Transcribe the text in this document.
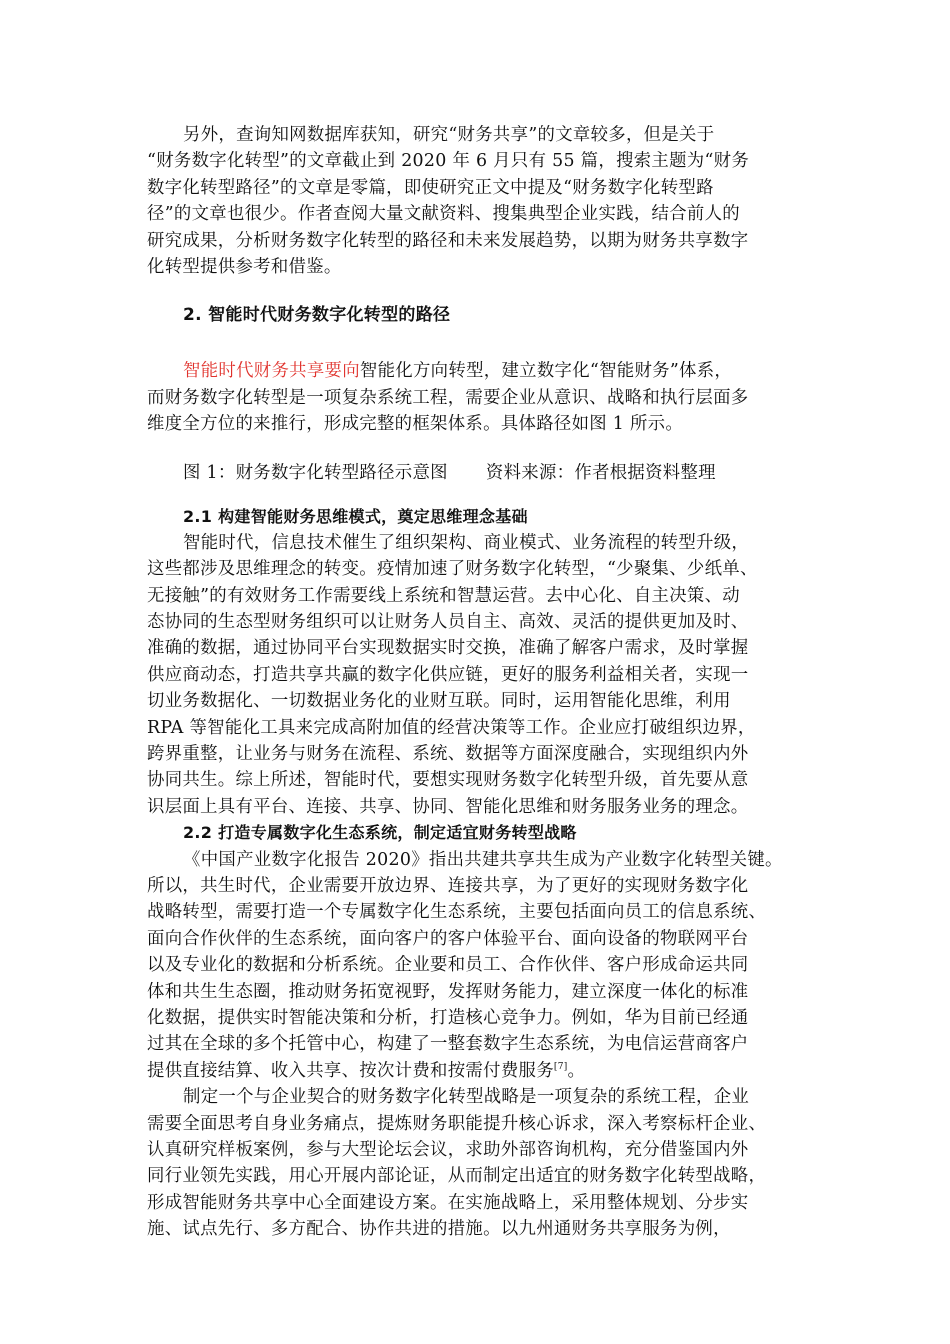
另外，查询知网数据库获知，研究“财务共享”的文章较多，但是关于
“财务数字化转型”的文章截止到 2020 年 6 月只有 55 篇，搜索主题为“财务
数字化转型路径”的文章是零篇，即使研究正文中提及“财务数字化转型路
径”的文章也很少。作者查阅大量文献资料、搜集典型企业实践，结合前人的
研究成果，分析财务数字化转型的路径和未来发展趋势，以期为财务共享数字
化转型提供参考和借鉴。
2. 智能时代财务数字化转型的路径
智能时代财务共享要向智能化方向转型，建立数字化“智能财务”体系，
而财务数字化转型是一项复杂系统工程，需要企业从意识、战略和执行层面多
维度全方位的来推行，形成完整的框架体系。具体路径如图 1 所示。
图 1：财务数字化转型路径示意图 资料来源：作者根据资料整理
2.1 构建智能财务思维模式，奠定思维理念基础
智能时代，信息技术催生了组织架构、商业模式、业务流程的转型升级，
这些都涉及思维理念的转变。疫情加速了财务数字化转型，“少聚集、少纸单、
无接触”的有效财务工作需要线上系统和智慧运营。去中心化、自主决策、动
态协同的生态型财务组织可以让财务人员自主、高效、灵活的提供更加及时、
准确的数据，通过协同平台实现数据实时交换，准确了解客户需求，及时掌握
供应商动态，打造共享共赢的数字化供应链，更好的服务利益相关者，实现一
切业务数据化、一切数据业务化的业财互联。同时，运用智能化思维，利用
RPA 等智能化工具来完成高附加值的经营决策等工作。企业应打破组织边界，
跨界重整，让业务与财务在流程、系统、数据等方面深度融合，实现组织内外
协同共生。综上所述，智能时代，要想实现财务数字化转型升级，首先要从意
识层面上具有平台、连接、共享、协同、智能化思维和财务服务业务的理念。
2.2 打造专属数字化生态系统，制定适宜财务转型战略
《中国产业数字化报告 2020》指出共建共享共生成为产业数字化转型关键。
所以，共生时代，企业需要开放边界、连接共享，为了更好的实现财务数字化
战略转型，需要打造一个专属数字化生态系统，主要包括面向员工的信息系统、
面向合作伙伴的生态系统，面向客户的客户体验平台、面向设备的物联网平台
以及专业化的数据和分析系统。企业要和员工、合作伙伴、客户形成命运共同
体和共生生态圈，推动财务拓宽视野，发挥财务能力，建立深度一体化的标准
化数据，提供实时智能决策和分析，打造核心竞争力。例如，华为目前已经通
过其在全球的多个托管中心，构建了一整套数字生态系统，为电信运营商客户
提供直接结算、收入共享、按次计费和按需付费服务[7]。
制定一个与企业契合的财务数字化转型战略是一项复杂的系统工程，企业
需要全面思考自身业务痛点，提炼财务职能提升核心诉求，深入考察标杆企业、
认真研究样板案例，参与大型论坛会议，求助外部咨询机构，充分借鉴国内外
同行业领先实践，用心开展内部论证，从而制定出适宜的财务数字化转型战略，
形成智能财务共享中心全面建设方案。在实施战略上，采用整体规划、分步实
施、试点先行、多方配合、协作共进的措施。以九州通财务共享服务为例，
